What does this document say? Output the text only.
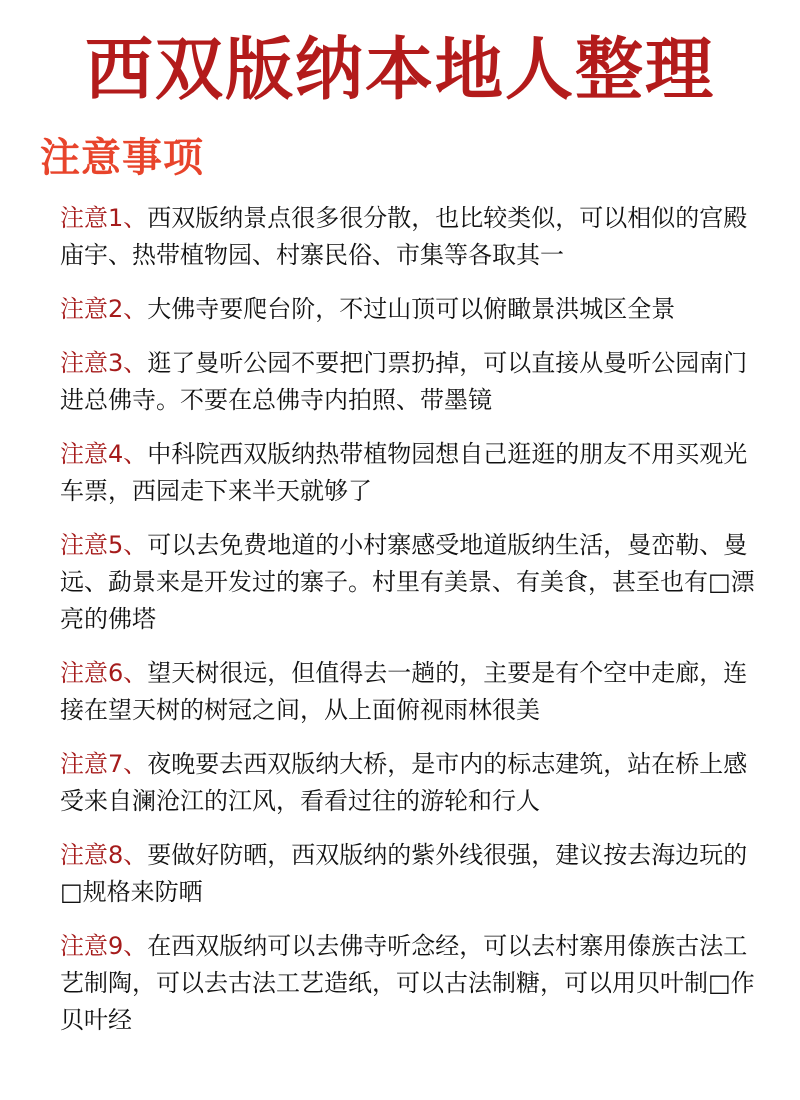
西双版纳本地人整理
注意事项
注意1、西双版纳景点很多很分散，也比较类似，可以相似的宫殿庙宇、热带植物园、村寨民俗、市集等各取其一
注意2、大佛寺要爬台阶，不过山顶可以俯瞰景洪城区全景
注意3、逛了曼听公园不要把门票扔掉，可以直接从曼听公园南门进总佛寺。不要在总佛寺内拍照、带墨镜
注意4、中科院西双版纳热带植物园想自己逛逛的朋友不用买观光车票，西园走下来半天就够了
注意5、可以去免费地道的小村寨感受地道版纳生活，曼峦勒、曼远、勐景来是开发过的寨子。村里有美景、有美食，甚至也有□漂亮的佛塔
注意6、望天树很远，但值得去一趟的，主要是有个空中走廊，连接在望天树的树冠之间，从上面俯视雨林很美
注意7、夜晚要去西双版纳大桥，是市内的标志建筑，站在桥上感受来自澜沧江的江风，看看过往的游轮和行人
注意8、要做好防晒，西双版纳的紫外线很强，建议按去海边玩的□规格来防晒
注意9、在西双版纳可以去佛寺听念经，可以去村寨用傣族古法工艺制陶，可以去古法工艺造纸，可以古法制糖，可以用贝叶制□作贝叶经
